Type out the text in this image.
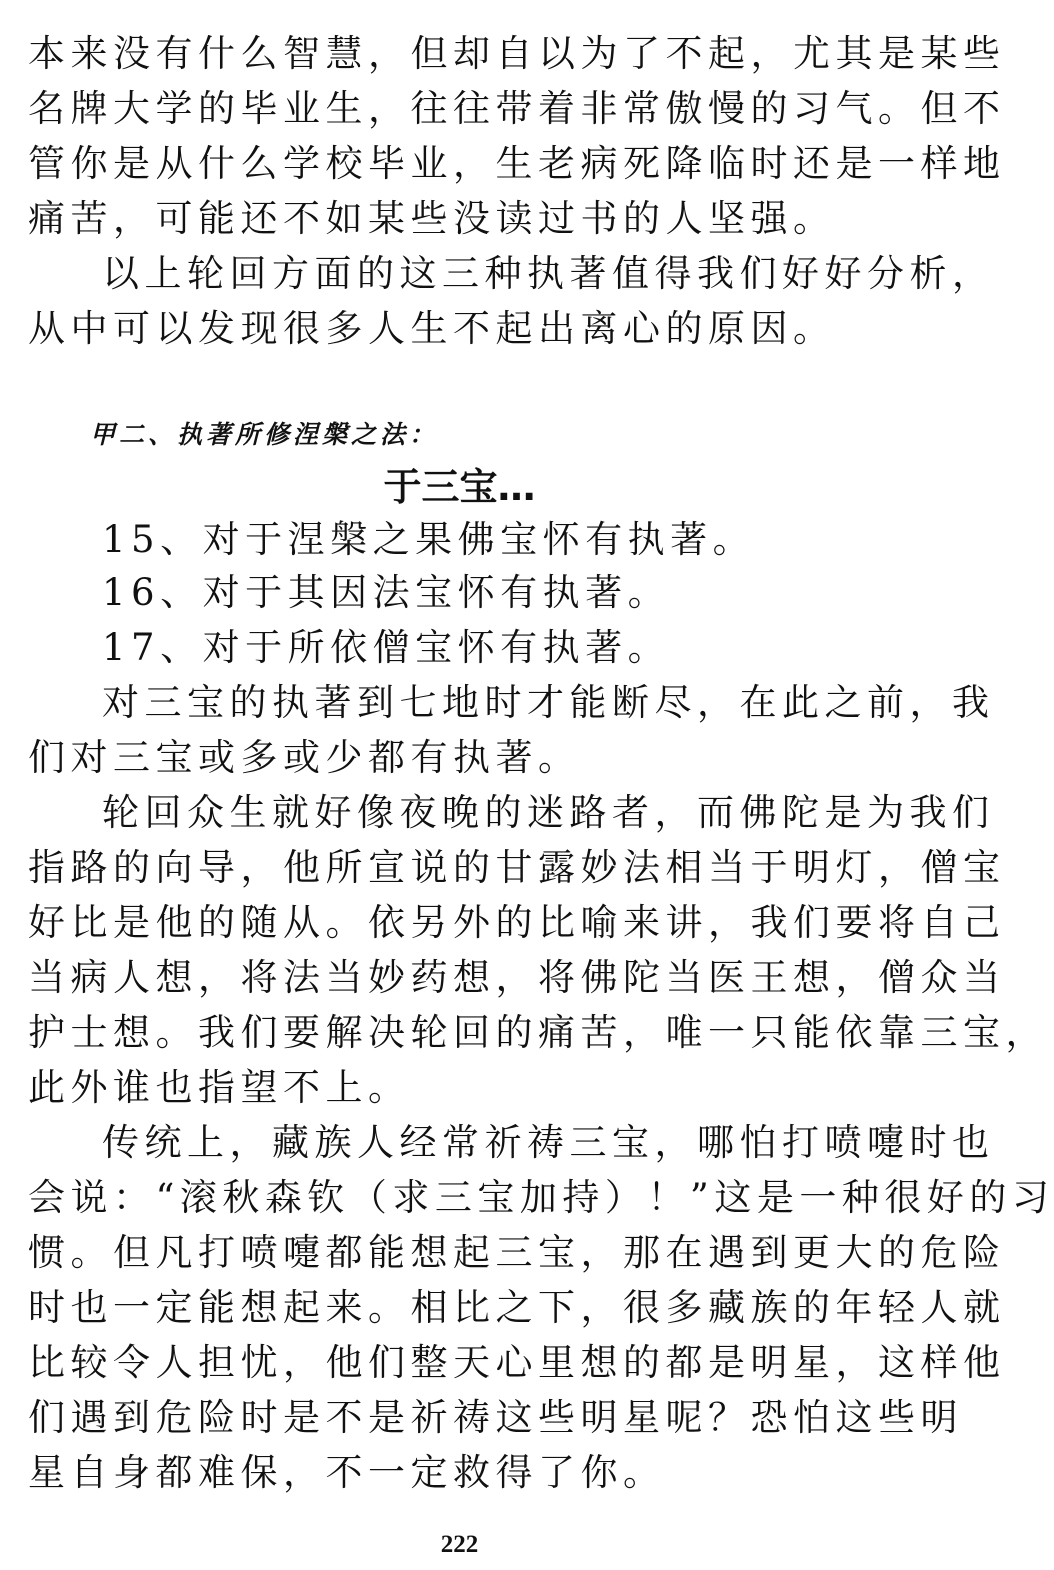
本来没有什么智慧，但却自以为了不起，尤其是某些
名牌大学的毕业生，往往带着非常傲慢的习气。但不
管你是从什么学校毕业，生老病死降临时还是一样地
痛苦，可能还不如某些没读过书的人坚强。
以上轮回方面的这三种执著值得我们好好分析，
从中可以发现很多人生不起出离心的原因。
甲二、执著所修涅槃之法：
于三宝…
15、对于涅槃之果佛宝怀有执著。
16、对于其因法宝怀有执著。
17、对于所依僧宝怀有执著。
对三宝的执著到七地时才能断尽，在此之前，我
们对三宝或多或少都有执著。
轮回众生就好像夜晚的迷路者，而佛陀是为我们
指路的向导，他所宣说的甘露妙法相当于明灯，僧宝
好比是他的随从。依另外的比喻来讲，我们要将自己
当病人想，将法当妙药想，将佛陀当医王想，僧众当
护士想。我们要解决轮回的痛苦，唯一只能依靠三宝，
此外谁也指望不上。
传统上，藏族人经常祈祷三宝，哪怕打喷嚏时也
会说：“滚秋森钦（求三宝加持）！”这是一种很好的习
惯。但凡打喷嚏都能想起三宝，那在遇到更大的危险
时也一定能想起来。相比之下，很多藏族的年轻人就
比较令人担忧，他们整天心里想的都是明星，这样他
们遇到危险时是不是祈祷这些明星呢？恐怕这些明
星自身都难保，不一定救得了你。
222
